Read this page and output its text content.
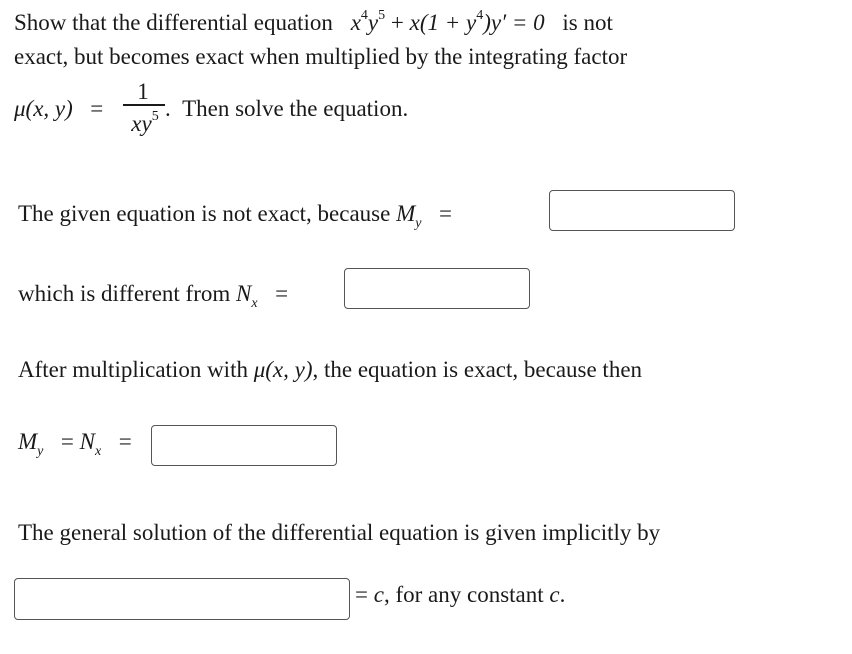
Show that the differential equation $x^4y^5 + x(1 + y^4)y' = 0$ is not
exact, but becomes exact when multiplied by the integrating factor
μ(x, y) =
1
$xy^5$ . Then solve the equation.
The given equation is not exact, because $M_y$ =
which is different from $N_x$ =
After multiplication with μ(x, y), the equation is exact, because then
$M_y = N_x$ =
The general solution of the differential equation is given implicitly by
= c, for any constant c.
